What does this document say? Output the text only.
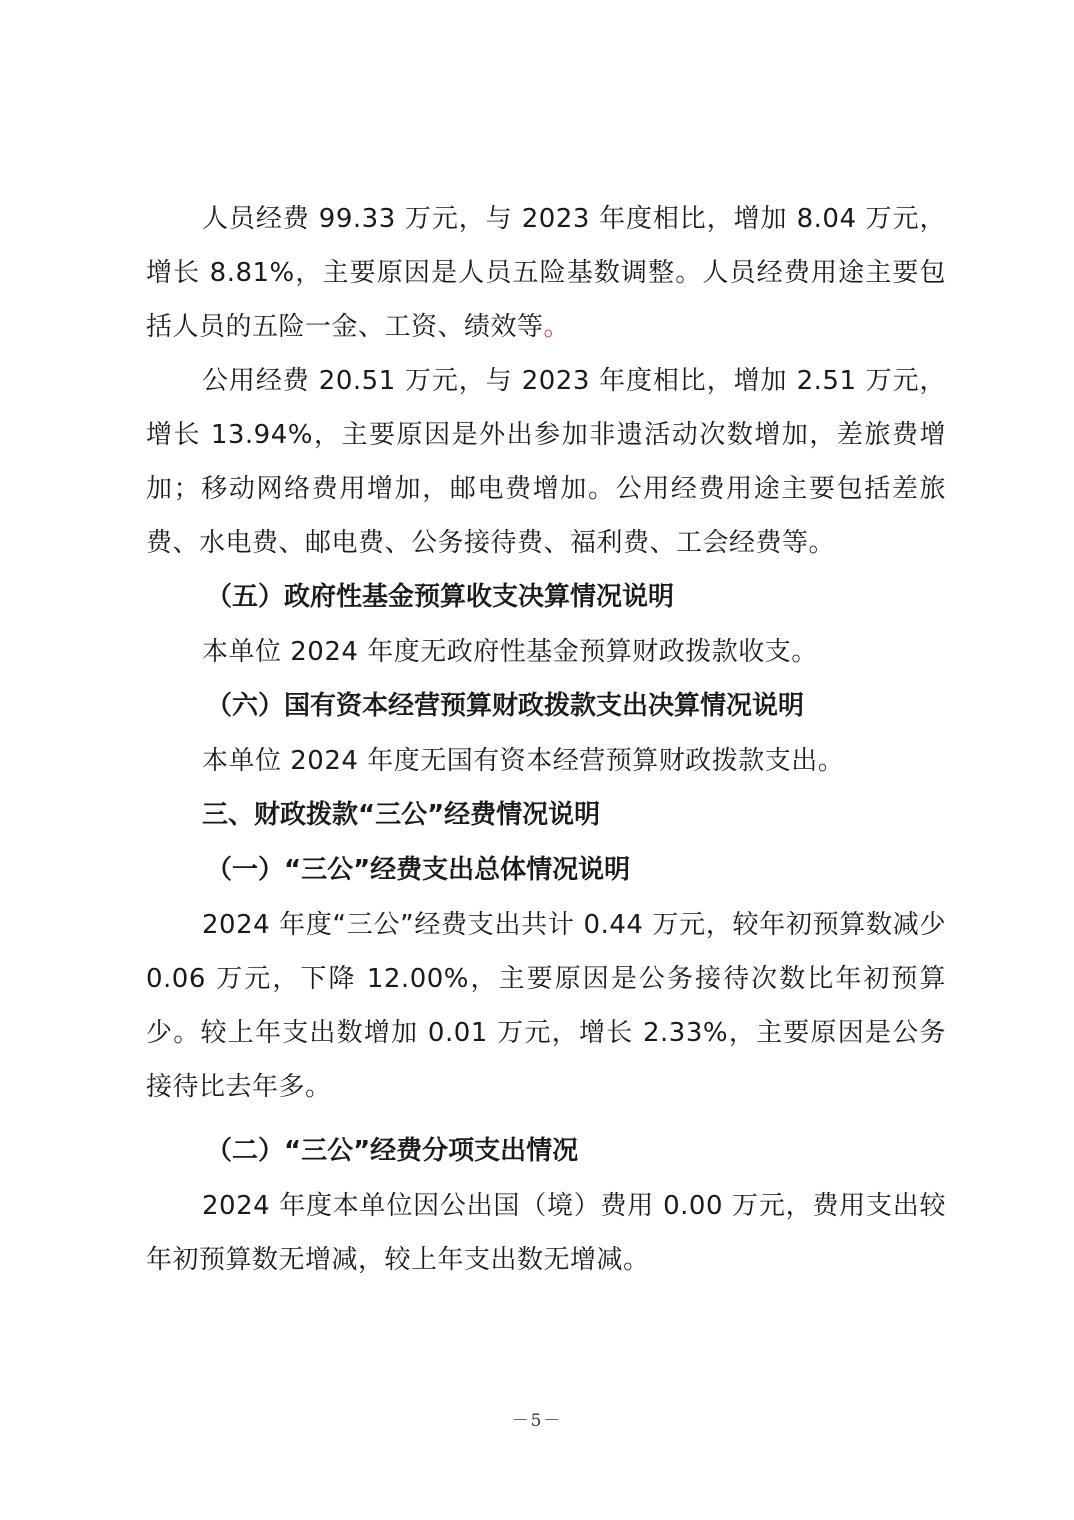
人员经费 99.33 万元，与 2023 年度相比，增加 8.04 万元，增长 8.81%，主要原因是人员五险基数调整。人员经费用途主要包括人员的五险一金、工资、绩效等。

公用经费 20.51 万元，与 2023 年度相比，增加 2.51 万元，增长 13.94%，主要原因是外出参加非遗活动次数增加，差旅费增加；移动网络费用增加，邮电费增加。公用经费用途主要包括差旅费、水电费、邮电费、公务接待费、福利费、工会经费等。

（五）政府性基金预算收支决算情况说明

本单位 2024 年度无政府性基金预算财政拨款收支。

（六）国有资本经营预算财政拨款支出决算情况说明

本单位 2024 年度无国有资本经营预算财政拨款支出。

三、财政拨款“三公”经费情况说明

（一）“三公”经费支出总体情况说明

2024 年度“三公”经费支出共计 0.44 万元，较年初预算数减少 0.06 万元，下降 12.00%，主要原因是公务接待次数比年初预算少。较上年支出数增加 0.01 万元，增长 2.33%，主要原因是公务接待比去年多。

（二）“三公”经费分项支出情况

2024 年度本单位因公出国（境）费用 0.00 万元，费用支出较年初预算数无增减，较上年支出数无增减。

－5－
